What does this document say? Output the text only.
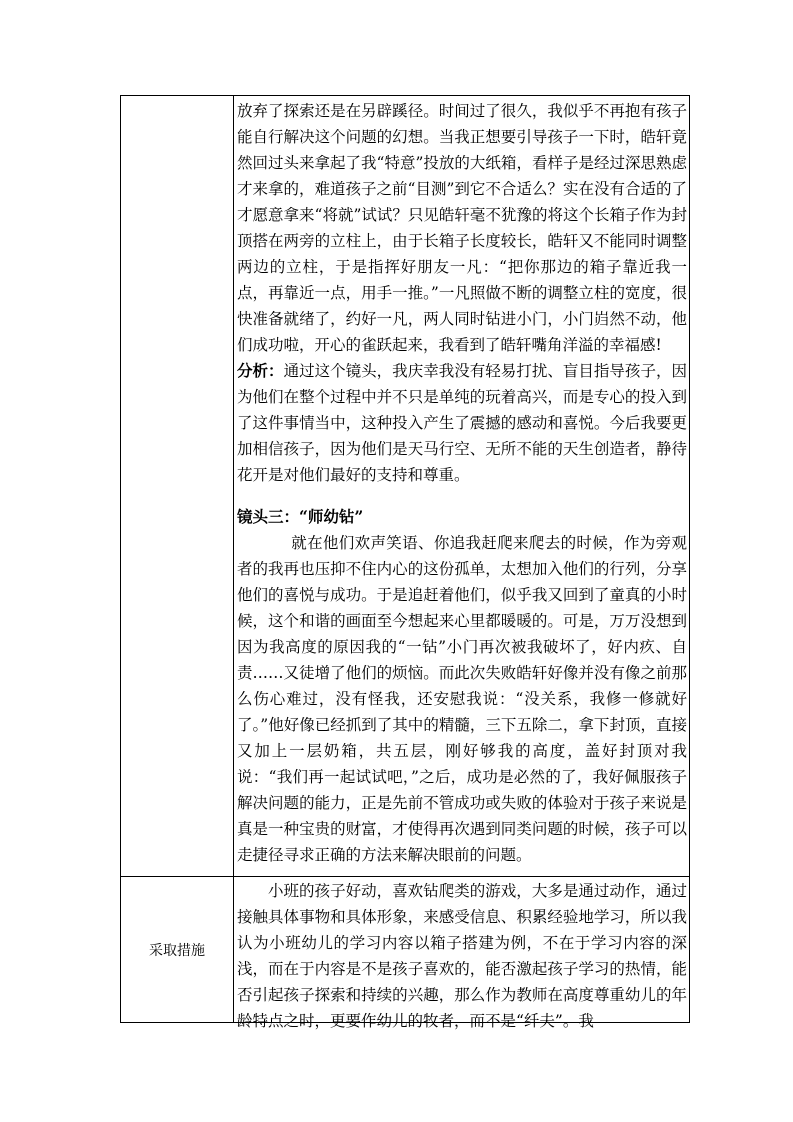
放弃了探索还是在另辟蹊径。时间过了很久，我似乎不再抱有孩子能自行解决这个问题的幻想。当我正想要引导孩子一下时，皓轩竟然回过头来拿起了我“特意”投放的大纸箱，看样子是经过深思熟虑才来拿的，难道孩子之前“目测”到它不合适么？实在没有合适的了才愿意拿来“将就”试试？只见皓轩毫不犹豫的将这个长箱子作为封顶搭在两旁的立柱上，由于长箱子长度较长，皓轩又不能同时调整两边的立柱，于是指挥好朋友一凡：“把你那边的箱子靠近我一点，再靠近一点，用手一推。”一凡照做不断的调整立柱的宽度，很快准备就绪了，约好一凡，两人同时钻进小门，小门岿然不动，他们成功啦，开心的雀跃起来，我看到了皓轩嘴角洋溢的幸福感!

分析：通过这个镜头，我庆幸我没有轻易打扰、盲目指导孩子，因为他们在整个过程中并不只是单纯的玩着高兴，而是专心的投入到了这件事情当中，这种投入产生了震撼的感动和喜悦。今后我要更加相信孩子，因为他们是天马行空、无所不能的天生创造者，静待花开是对他们最好的支持和尊重。

镜头三：“师幼钻”

就在他们欢声笑语、你追我赶爬来爬去的时候，作为旁观者的我再也压抑不住内心的这份孤单，太想加入他们的行列，分享他们的喜悦与成功。于是追赶着他们，似乎我又回到了童真的小时候，这个和谐的画面至今想起来心里都暖暖的。可是，万万没想到因为我高度的原因我的“一钻”小门再次被我破坏了，好内疚、自责……又徒增了他们的烦恼。而此次失败皓轩好像并没有像之前那么伤心难过，没有怪我，还安慰我说：“没关系，我修一修就好了。”他好像已经抓到了其中的精髓，三下五除二，拿下封顶，直接又加上一层奶箱，共五层，刚好够我的高度，盖好封顶对我说：“我们再一起试试吧，”之后，成功是必然的了，我好佩服孩子解决问题的能力，正是先前不管成功或失败的体验对于孩子来说是真是一种宝贵的财富，才使得再次遇到同类问题的时候，孩子可以走捷径寻求正确的方法来解决眼前的问题。

采取措施

小班的孩子好动，喜欢钻爬类的游戏，大多是通过动作，通过接触具体事物和具体形象，来感受信息、积累经验地学习，所以我认为小班幼儿的学习内容以箱子搭建为例，不在于学习内容的深浅，而在于内容是不是孩子喜欢的，能否激起孩子学习的热情，能否引起孩子探索和持续的兴趣，那么作为教师在高度尊重幼儿的年龄特点之时，更要作幼儿的牧者，而不是“纤夫”。我
